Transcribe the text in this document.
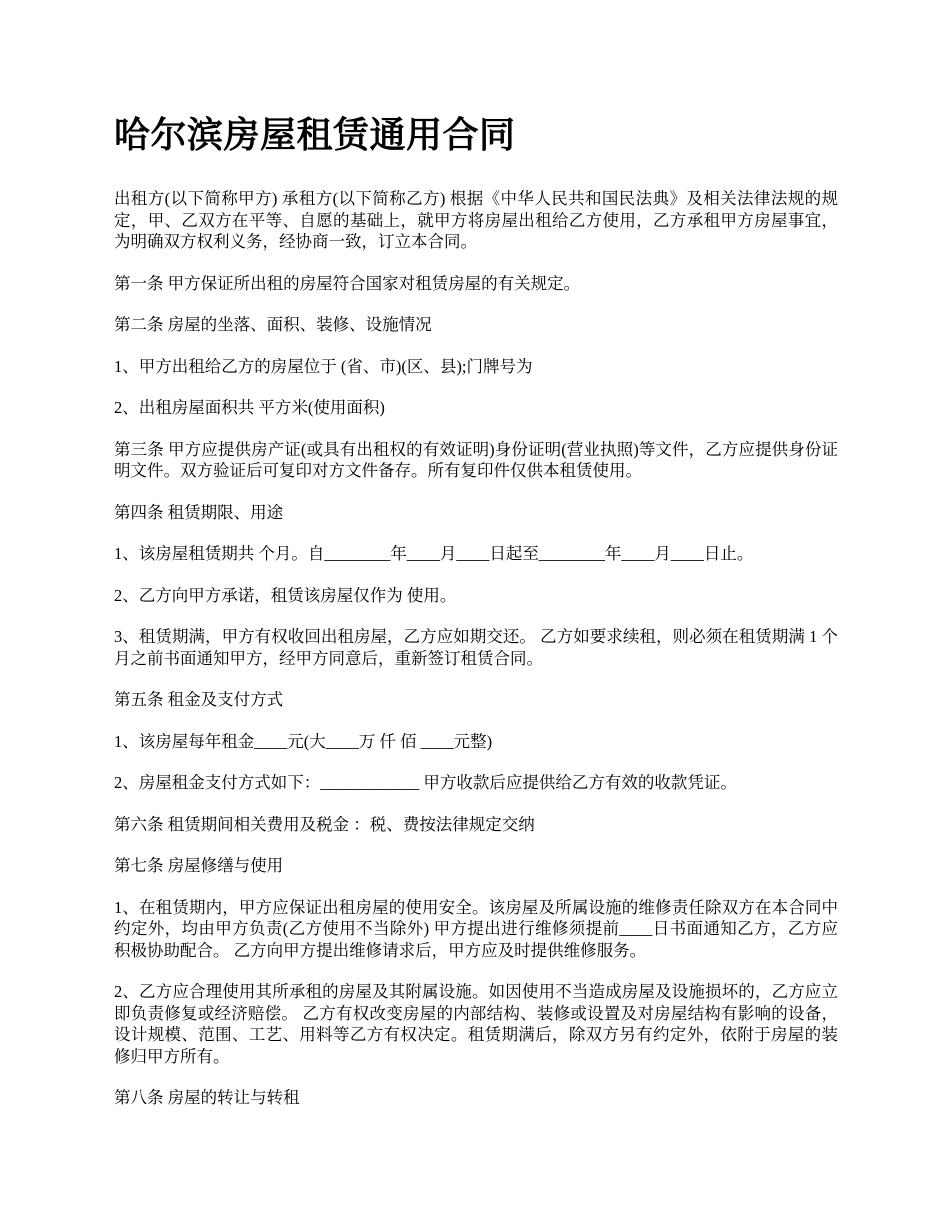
哈尔滨房屋租赁通用合同

出租方(以下简称甲方) 承租方(以下简称乙方) 根据《中华人民共和国民法典》及相关法律法规的规定，甲、乙双方在平等、自愿的基础上，就甲方将房屋出租给乙方使用，乙方承租甲方房屋事宜，为明确双方权利义务，经协商一致，订立本合同。

第一条 甲方保证所出租的房屋符合国家对租赁房屋的有关规定。

第二条 房屋的坐落、面积、装修、设施情况

1、甲方出租给乙方的房屋位于 (省、市)(区、县);门牌号为

2、出租房屋面积共 平方米(使用面积)

第三条 甲方应提供房产证(或具有出租权的有效证明)身份证明(营业执照)等文件，乙方应提供身份证明文件。双方验证后可复印对方文件备存。所有复印件仅供本租赁使用。

第四条 租赁期限、用途

1、该房屋租赁期共 个月。自________年____月____日起至________年____月____日止。

2、乙方向甲方承诺，租赁该房屋仅作为 使用。

3、租赁期满，甲方有权收回出租房屋，乙方应如期交还。 乙方如要求续租，则必须在租赁期满 1 个月之前书面通知甲方，经甲方同意后，重新签订租赁合同。

第五条 租金及支付方式

1、该房屋每年租金____元(大____万 仟 佰 ____元整)

2、房屋租金支付方式如下：____________ 甲方收款后应提供给乙方有效的收款凭证。

第六条 租赁期间相关费用及税金 ：税、费按法律规定交纳

第七条 房屋修缮与使用

1、在租赁期内，甲方应保证出租房屋的使用安全。该房屋及所属设施的维修责任除双方在本合同中约定外，均由甲方负责(乙方使用不当除外) 甲方提出进行维修须提前____日书面通知乙方，乙方应积极协助配合。 乙方向甲方提出维修请求后，甲方应及时提供维修服务。

2、乙方应合理使用其所承租的房屋及其附属设施。如因使用不当造成房屋及设施损坏的，乙方应立即负责修复或经济赔偿。 乙方有权改变房屋的内部结构、装修或设置及对房屋结构有影响的设备，设计规模、范围、工艺、用料等乙方有权决定。租赁期满后，除双方另有约定外，依附于房屋的装修归甲方所有。

第八条 房屋的转让与转租
